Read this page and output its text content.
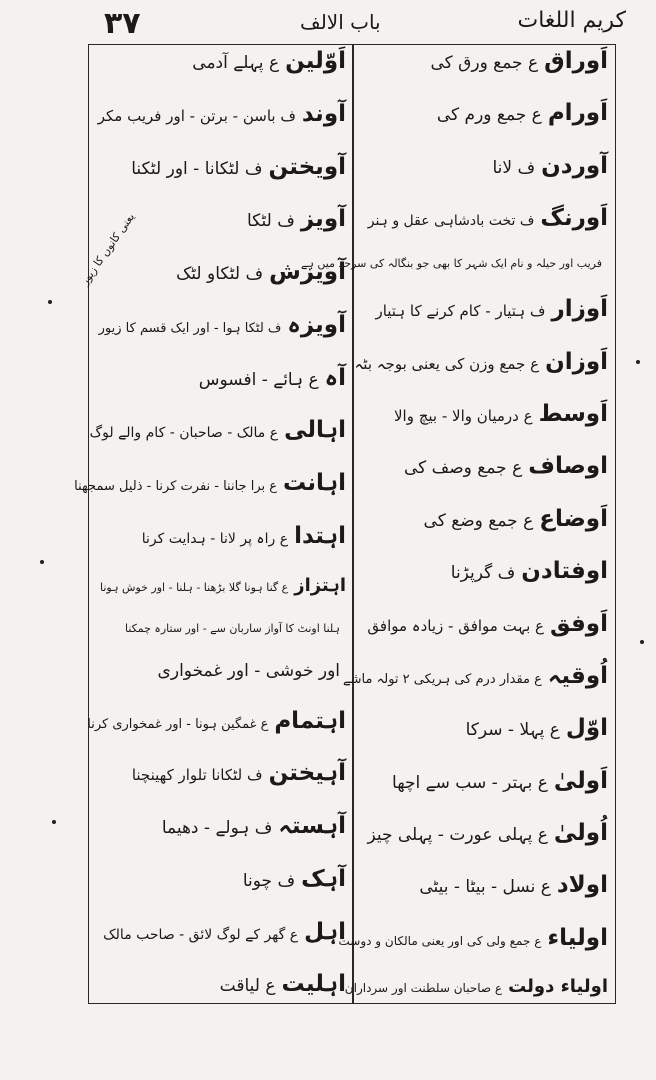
۳۷	باب الالف	کریم اللغات
یعنی کانوں کا زیور
اَوراق
ع جمع ورق کی
اَورام
ع جمع ورم کی
آوردن
ف لانا
اَورنگ
ف تخت بادشاہی عقل و ہنر
فریب اور حیلہ و نام ایک شہر کا بھی جو بنگالہ کی سرحد میں ہے
اَوزار
ف ہتیار - کام کرنے کا ہتیار
اَوزان
ع جمع وزن کی یعنی بوجہ بٹہ
اَوسط
ع درمیان والا - بیچ والا
اوصاف
ع جمع وصف کی
اَوضاع
ع جمع وضع کی
اوفتادن
ف گرپڑنا
اَوفق
ع بہت موافق - زیادہ موافق
اُوقیہ
ع مقدار درم کی ہریکی ۲ تولہ ماشے
اوّل
ع پہلا - سرکا
اَولیٰ
ع بہتر - سب سے اچھا
اُولیٰ
ع پہلی عورت - پہلی چیز
اولاد
ع نسل - بیٹا - بیٹی
اولیاء
ع جمع ولی کی اور یعنی مالکان و دوست
اولیاء دولت
ع صاحبان سلطنت اور سرداران
اَوّلین
ع پہلے آدمی
آوند
ف باسن - برتن - اور فریب مکر
آویختن
ف لٹکانا - اور لٹکنا
آویز
ف لٹکا
آویزش
ف لٹکاو لٹک
آویزہ
ف لٹکا ہوا - اور ایک قسم کا زیور
آہ
ع ہائے - افسوس
اہالی
ع مالک - صاحبان - کام والے لوگ
اہانت
ع برا جاننا - نفرت کرنا - ذلیل سمجھنا
اہتدا
ع راہ پر لانا - ہدایت کرنا
اہتزاز
ع گنا ہونا گلا بڑھنا - ہلنا - اور خوش ہونا
ہلنا اونٹ کا آواز ساربان سے - اور ستارہ چمکنا
اور خوشی - اور غمخواری
اہتمام
ع غمگین ہونا - اور غمخواری کرنا
آہیختن
ف لٹکانا تلوار کھینچنا
آہستہ
ف ہولے - دھیما
آہک
ف چونا
اہل
ع گھر کے لوگ لائق - صاحب مالک
اہلیت
ع لیاقت
